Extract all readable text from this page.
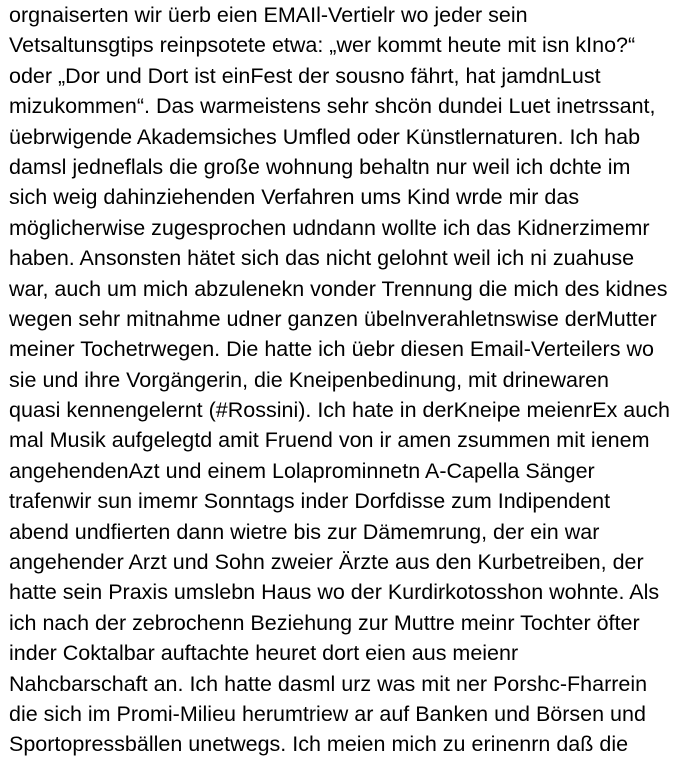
orgnaiserten wir üerb eien EMAIl-Vertielr wo jeder sein
Vetsaltunsgtips reinpsotete etwa: „wer kommt heute mit isn kIno?“
oder „Dor und Dort ist einFest der sousno fährt, hat jamdnLust
mizukommen“. Das warmeistens sehr shcön dundei Luet inetrssant,
üebrwigende Akademsiches Umfled oder Künstlernaturen. Ich hab
damsl jedneflals die große wohnung behaltn nur weil ich dchte im
sich weig dahinziehenden Verfahren ums Kind wrde mir das
möglicherwise zugesprochen udndann wollte ich das Kidnerzimemr
haben. Ansonsten hätet sich das nicht gelohnt weil ich ni zuahuse
war, auch um mich abzulenekn vonder Trennung die mich des kidnes
wegen sehr mitnahme udner ganzen übelnverahletnswise derMutter
meiner Tochetrwegen. Die hatte ich üebr diesen Email-Verteilers wo
sie und ihre Vorgängerin, die Kneipenbedinung, mit drinewaren
quasi kennengelernt (#Rossini). Ich hate in derKneipe meienrEx auch
mal Musik aufgelegtd amit Fruend von ir amen zsummen mit ienem
angehendenAzt und einem Lolaprominnetn A-Capella Sänger
trafenwir sun imemr Sonntags inder Dorfdisse zum Indipendent
abend undfierten dann wietre bis zur Dämemrung, der ein war
angehender Arzt und Sohn zweier Ärzte aus den Kurbetreiben, der
hatte sein Praxis umslebn Haus wo der Kurdirkotosshon wohnte. Als
ich nach der zebrochenn Beziehung zur Muttre meinr Tochter öfter
inder Coktalbar auftachte heuret dort eien aus meienr
Nahcbarschaft an. Ich hatte dasml urz was mit ner Porshc-Fharrein
die sich im Promi-Milieu herumtriew ar auf Banken und Börsen und
Sportopressbällen unetwegs. Ich meien mich zu erinenrn daß die
